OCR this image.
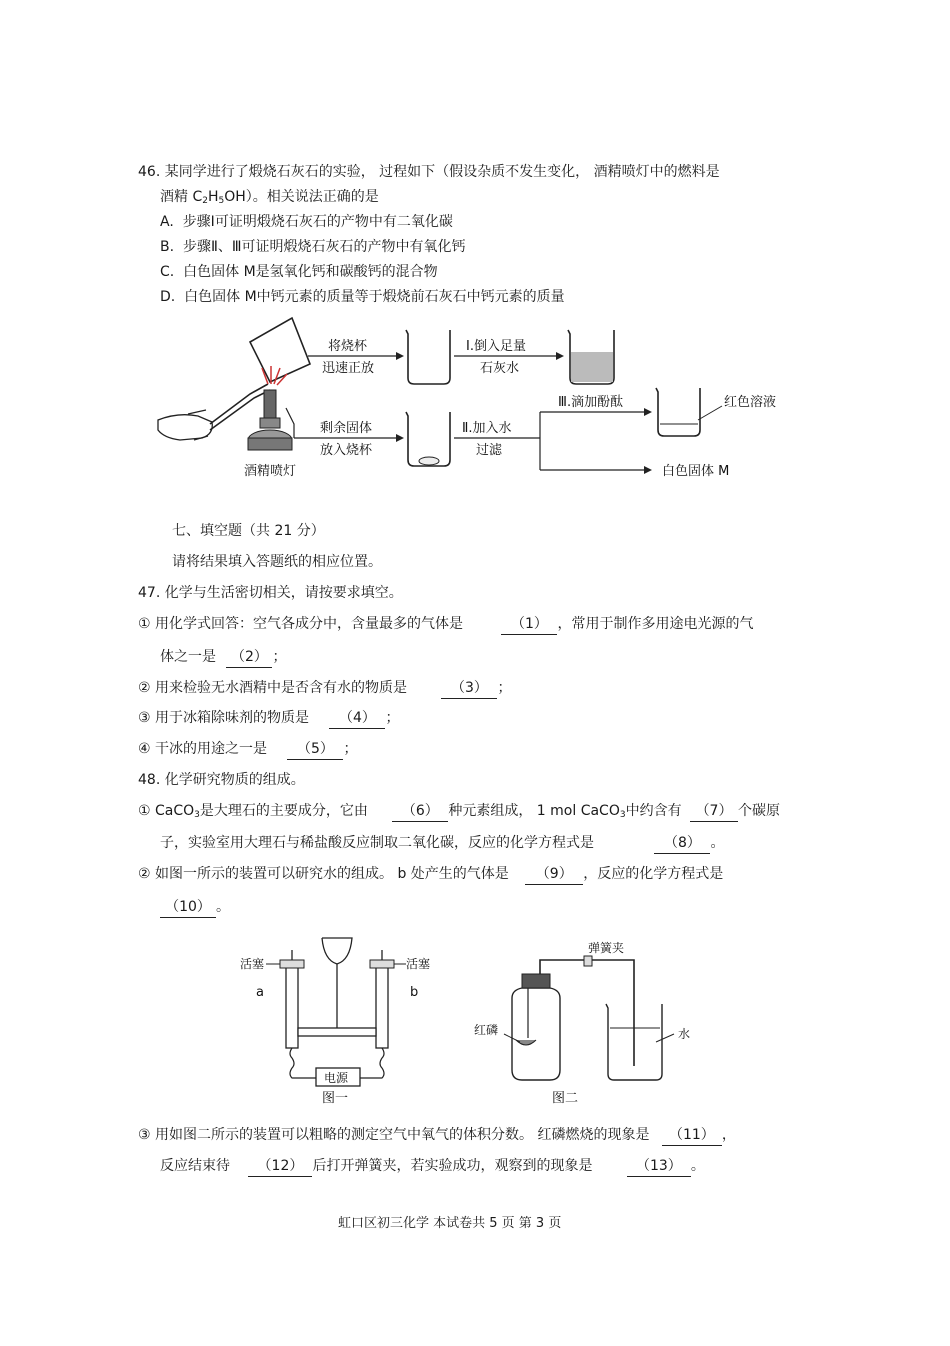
46. 某同学进行了煅烧石灰石的实验， 过程如下（假设杂质不发生变化， 酒精喷灯中的燃料是
酒精 $C_2H_5OH$）。相关说法正确的是
A. 步骤Ⅰ可证明煅烧石灰石的产物中有二氧化碳
B. 步骤Ⅱ、Ⅲ可证明煅烧石灰石的产物中有氧化钙
C. 白色固体 M是氢氧化钙和碳酸钙的混合物
D. 白色固体 M中钙元素的质量等于煅烧前石灰石中钙元素的质量
酒精喷灯
将烧杯
迅速正放
Ⅰ.倒入足量
石灰水
剩余固体
放入烧杯
Ⅱ.加入水
过滤
Ⅲ.滴加酚酞	红色溶液
白色固体 M
七、填空题（共 21 分）
请将结果填入答题纸的相应位置。
47. 化学与生活密切相关，请按要求填空。
① 用化学式回答：空气各成分中，含量最多的气体是	（1） ，常用于制作多用途电光源的气
体之一是 （2） ；
② 用来检验无水酒精中是否含有水的物质是	（3） ；
③ 用于冰箱除味剂的物质是 （4） ；
④ 干冰的用途之一是 （5） ；
48. 化学研究物质的组成。
① CaCO$_3$是大理石的主要成分，它由 （6） 种元素组成， 1 mol CaCO$_3$中约含有 （7） 个碳原
子，实验室用大理石与稀盐酸反应制取二氧化碳，反应的化学方程式是	（8） 。
② 如图一所示的装置可以研究水的组成。 b 处产生的气体是 （9） ，反应的化学方程式是
（10） 。
活塞	活塞
a	b
电源
图一
弹簧夹
红磷	水
图二
③ 用如图二所示的装置可以粗略的测定空气中氧气的体积分数。 红磷燃烧的现象是 （11） ，
反应结束待 （12） 后打开弹簧夹，若实验成功，观察到的现象是	（13） 。
虹口区初三化学 本试卷共 5 页 第 3 页
